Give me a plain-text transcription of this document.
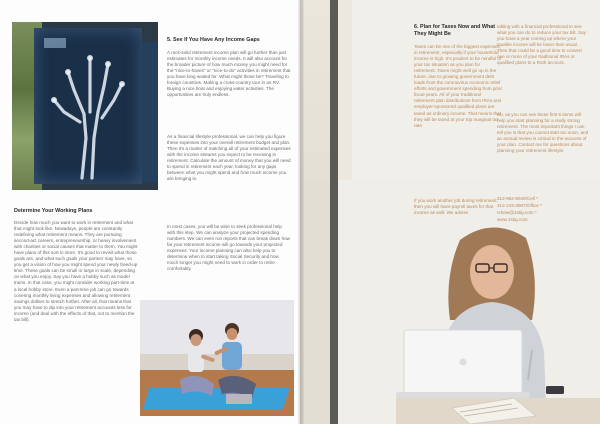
Determine Your Working Plans
Decide how much you want to work in retirement and what that might look like. Nowadays, people are constantly redefining what retirement means. They are pursuing second-act careers, entrepreneurship, or heavy involvement with charities or social causes that matter to them. You might have plans of this sort in store. It's good to revisit what those goals are, and what such goals your partner may have, so you get a vision of how you might spend your newly freed-up time. These goals can be small or large in scale, depending on what you enjoy. Say you have a hobby such as model trains. In that case, you might consider working part-time at a local hobby store. Even a part-time job can go towards covering monthly living expenses and allowing retirement savings dollars to stretch further. After all, that means that you may have to dip into your retirement accounts less for income (and deal with the effects of that, not to mention the tax bill).
5. See If You Have Any Income Gaps
A rock-solid retirement income plan will go further than just estimates for monthly income needs. It will also account for the broader picture of how much money you might need for the "nice-to-haves" or "nice-to-do" activities in retirement that you have long waited for. What might those be? Traveling to foreign countries. Making a cross-country tour in an RV. Buying a nice boat and enjoying water activities. The opportunities are truly endless.
As a financial lifestyle professional, we can help you figure these expenses into your overall retirement budget and plan. Then it's a matter of matching all of your estimated expenses with the income streams you expect to be receiving in retirement. Calculate the amount of money that you will need to spend in retirement each year, looking for any gaps between what you might spend and how much income you are bringing in.
In most cases, you will be wise to seek professional help with this step. We can analyze your projected spending numbers. We can even run reports that can break down how far your retirement income will go towards your projected expenses. Your income planning can also help you to determine when to start taking Social Security and how much longer you might need to work in order to retire comfortably.
6. Plan for Taxes Now and What They Might Be
Taxes can be one of the biggest expenses in retirement, especially if your household income is high. It's prudent to be mindful of your tax situation as you plan for retirement. Taxes might well go up in the future, due to growing government debt loads from the coronavirus economic relief efforts and government spending from prior fiscal years. All of your traditional retirement plan distributions from IRAs and employer-sponsored qualified plans are taxed as ordinary income. That means that they will be taxed at your top marginal tax rate.
If you work another job during retirement, then you will have payroll taxes for that income as well. We advise
talking with a financial professional to see what you can do to reduce your tax bill. Say you have a year coming up where your taxable income will be lower than usual. Then that could be a good time to convert one or more of your traditional IRAs or qualified plans to a Roth account.
So, as you can see these first 6 items will help you start planning for a really strong retirement. The most important things I can tell you is that you cannot start too soon, and an annual review is critical to the success of your plan. Contact me for questions about planning your retirement lifestyle.
312-952-8040/Cell *
312-243-3907/Office *
rchew@1stig.com *
www.1stig.com
